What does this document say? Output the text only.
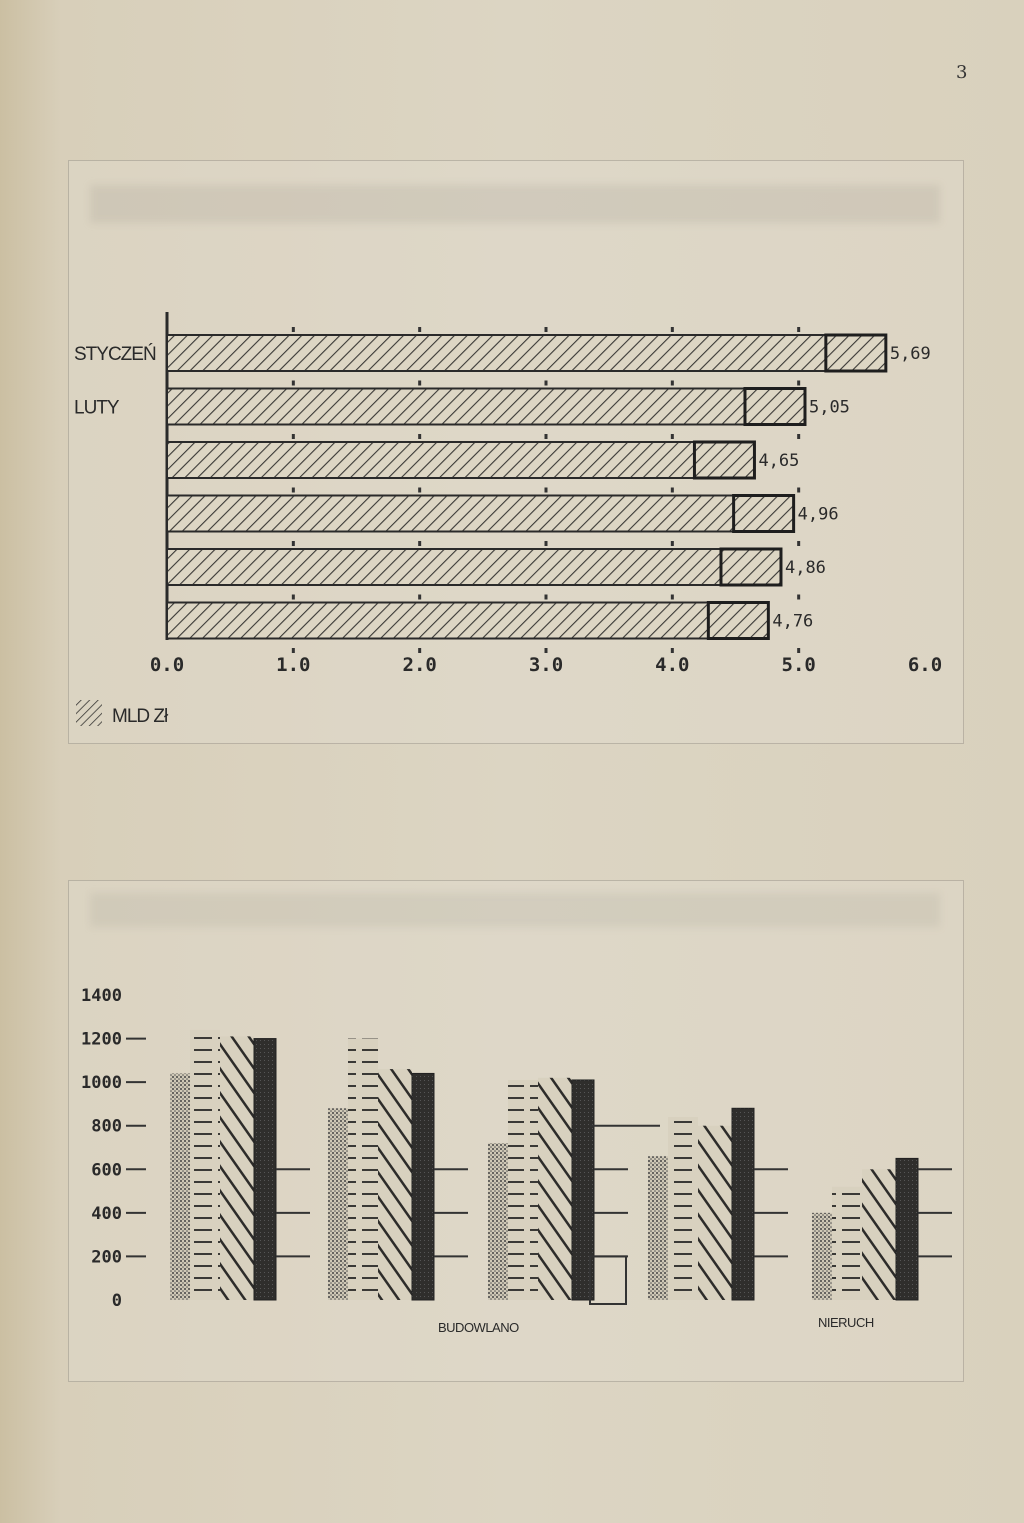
3
5,69
STYCZEŃ
5,05
LUTY
4,65
4,96
4,86
4,76
0.0	1.0	2.0	3.0	4.0	5.0	6.0
MLD Zł
0
200
400
600
800
1000
1200
1400
BUDOWLANO	NIERUCH
